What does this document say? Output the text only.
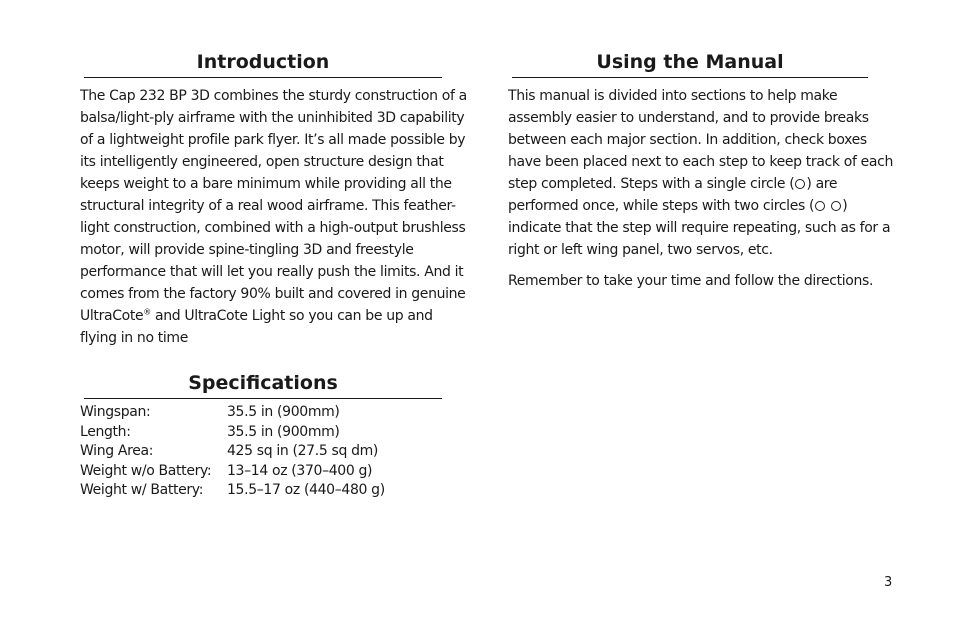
Introduction

The Cap 232 BP 3D combines the sturdy construction of a balsa/light-ply airframe with the uninhibited 3D capability of a lightweight profile park flyer. It’s all made possible by its intelligently engineered, open structure design that keeps weight to a bare minimum while providing all the structural integrity of a real wood airframe. This feather-light construction, combined with a high-output brushless motor, will provide spine-tingling 3D and freestyle performance that will let you really push the limits. And it comes from the factory 90% built and covered in genuine UltraCote® and UltraCote Light so you can be up and flying in no time

Specifications
Wingspan:	35.5 in (900mm)
Length:	35.5 in (900mm)
Wing Area:	425 sq in (27.5 sq dm)
Weight w/o Battery:	13–14 oz (370–400 g)
Weight w/ Battery:	15.5–17 oz (440–480 g)
Using the Manual

This manual is divided into sections to help make assembly easier to understand, and to provide breaks between each major section. In addition, check boxes have been placed next to each step to keep track of each step completed. Steps with a single circle ( ) are performed once, while steps with two circles ( ) indicate that the step will require repeating, such as for a right or left wing panel, two servos, etc.

Remember to take your time and follow the directions.

3
